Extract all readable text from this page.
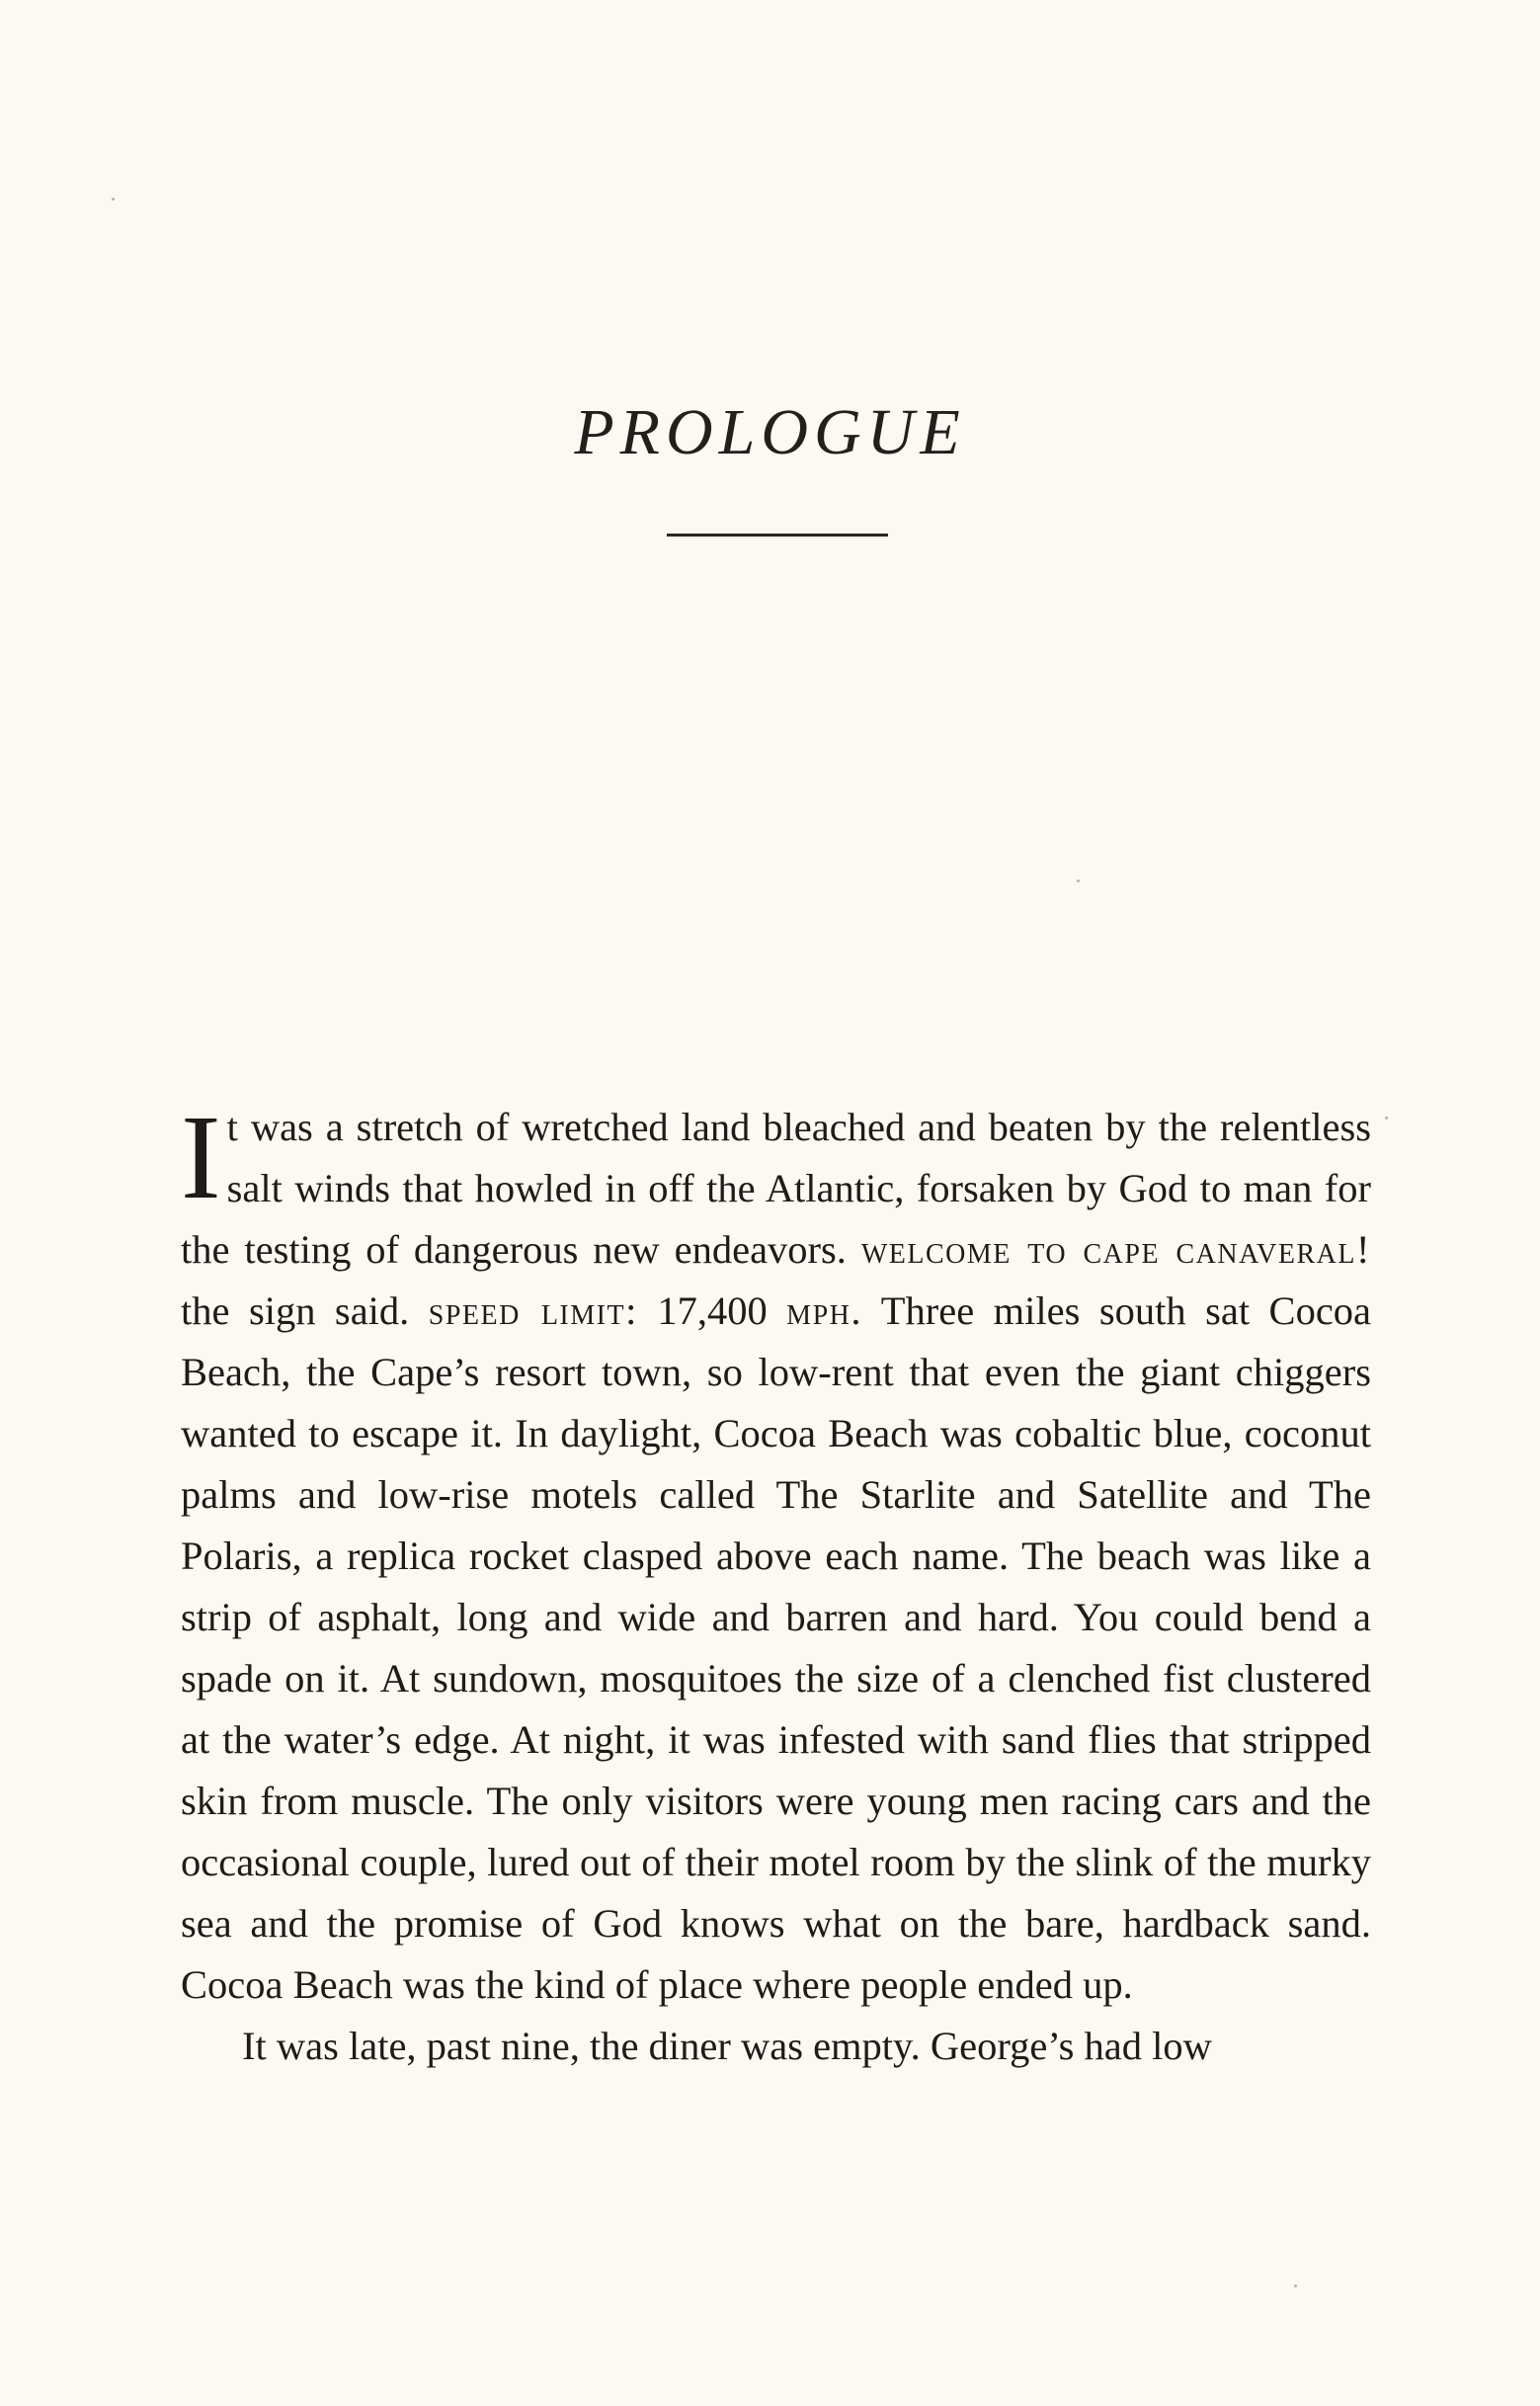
PROLOGUE

It was a stretch of wretched land bleached and beaten by the relentless salt winds that howled in off the Atlantic, forsaken by God to man for the testing of dangerous new endeavors. welcome to cape canaveral! the sign said. speed limit: 17,400 mph. Three miles south sat Cocoa Beach, the Cape’s resort town, so low-rent that even the giant chiggers wanted to escape it. In daylight, Cocoa Beach was cobaltic blue, coconut palms and low-rise motels called The Starlite and Satellite and The Polaris, a replica rocket clasped above each name. The beach was like a strip of asphalt, long and wide and barren and hard. You could bend a spade on it. At sundown, mosquitoes the size of a clenched fist clustered at the water’s edge. At night, it was infested with sand flies that stripped skin from muscle. The only visitors were young men racing cars and the occasional couple, lured out of their motel room by the slink of the murky sea and the promise of God knows what on the bare, hardback sand. Cocoa Beach was the kind of place where people ended up.

It was late, past nine, the diner was empty. George’s had low
